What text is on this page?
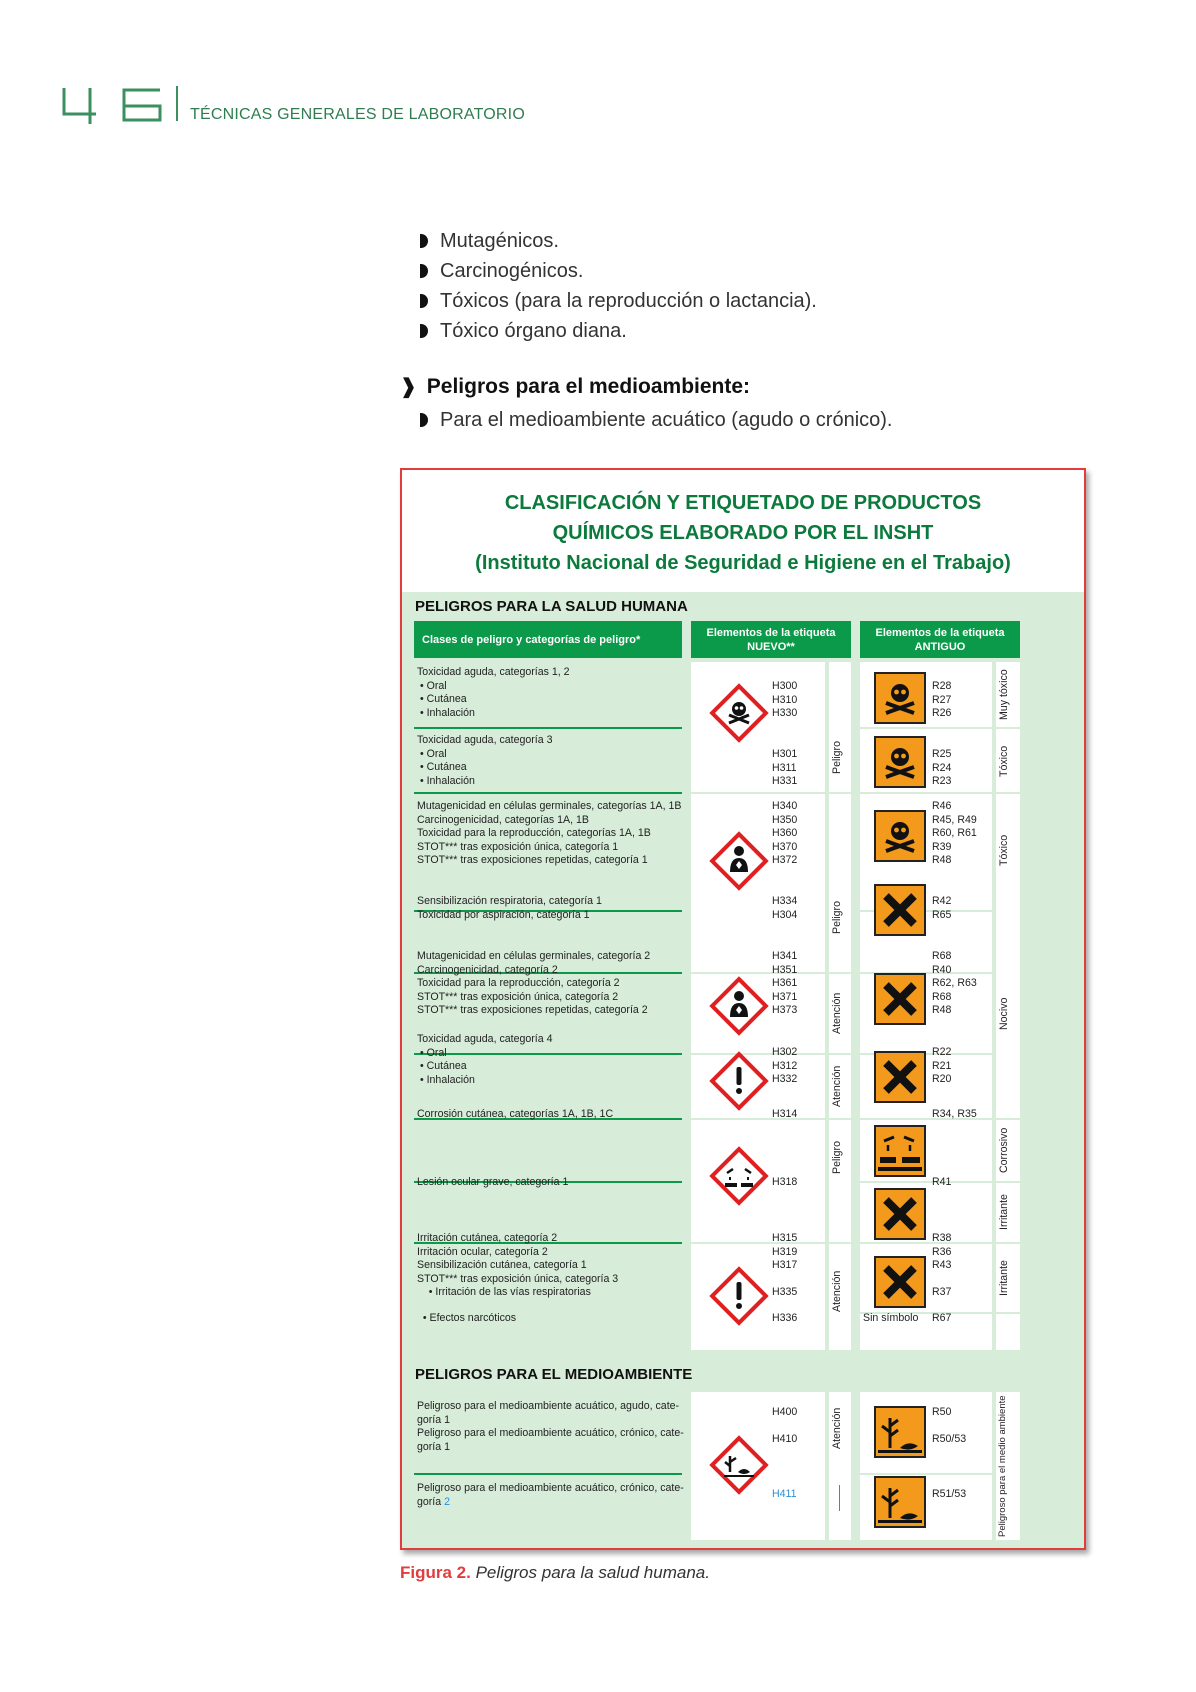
TÉCNICAS GENERALES DE LABORATORIO
Mutagénicos.
Carcinogénicos.
Tóxicos (para la reproducción o lactancia).
Tóxico órgano diana.
❱ Peligros para el medioambiente:
Para el medioambiente acuático (agudo o crónico).
CLASIFICACIÓN Y ETIQUETADO DE PRODUCTOS
QUÍMICOS ELABORADO POR EL INSHT
(Instituto Nacional de Seguridad e Higiene en el Trabajo)
PELIGROS PARA LA SALUD HUMANA
PELIGROS PARA EL MEDIOAMBIENTE
Clases de peligro y categorías de peligro*
Elementos de la etiqueta
NUEVO**
Elementos de la etiqueta
ANTIGUO
Toxicidad aguda, categorías 1, 2
• Oral
• Cutánea
• Inhalación
Toxicidad aguda, categoría 3
• Oral
• Cutánea
• Inhalación
Mutagenicidad en células germinales, categorías 1A, 1B
Carcinogenicidad, categorías 1A, 1B
Toxicidad para la reproducción, categorías 1A, 1B
STOT*** tras exposición única, categoría 1
STOT*** tras exposiciones repetidas, categoría 1
Sensibilización respiratoria, categoría 1
Toxicidad por aspiración, categoría 1
Mutagenicidad en células germinales, categoría 2
Carcinogenicidad, categoría 2
Toxicidad para la reproducción, categoría 2
STOT*** tras exposición única, categoría 2
STOT*** tras exposiciones repetidas, categoría 2
Toxicidad aguda, categoría 4
• Oral
• Cutánea
• Inhalación
Corrosión cutánea, categorías 1A, 1B, 1C
Lesión ocular grave, categoría 1
Irritación cutánea, categoría 2
Irritación ocular, categoría 2
Sensibilización cutánea, categoría 1
STOT*** tras exposición única, categoría 3
• Irritación de las vías respiratorias
• Efectos narcóticos
Peligroso para el medioambiente acuático, agudo, cate-
goría 1
Peligroso para el medioambiente acuático, crónico, cate-
goría 1
Peligroso para el medioambiente acuático, crónico, cate-
goría 2
H300
H310
H330
H301
H311
H331
H340
H350
H360
H370
H372
H334
H304
H341
H351
H361
H371
H373
H302
H312
H332
H314
H318
H315
H319
H317

H335
H336
H400

H410
H411
R28
R27
R26
R25
R24
R23
R46
R45, R49
R60, R61
R39
R48
R42
R65
R68
R40
R62, R63
R68
R48
R22
R21
R20
R34, R35
R41
R38
R36
R43

R37
R67
R50

R50/53
R51/53
Sin símbolo
Peligro
Peligro
Atención
Atención
Peligro
Atención
Atención
Muy tóxico
Tóxico
Tóxico
Nocivo
Corrosivo
Irritante
Irritante
Peligroso para el medio ambiente
Figura 2. Peligros para la salud humana.
